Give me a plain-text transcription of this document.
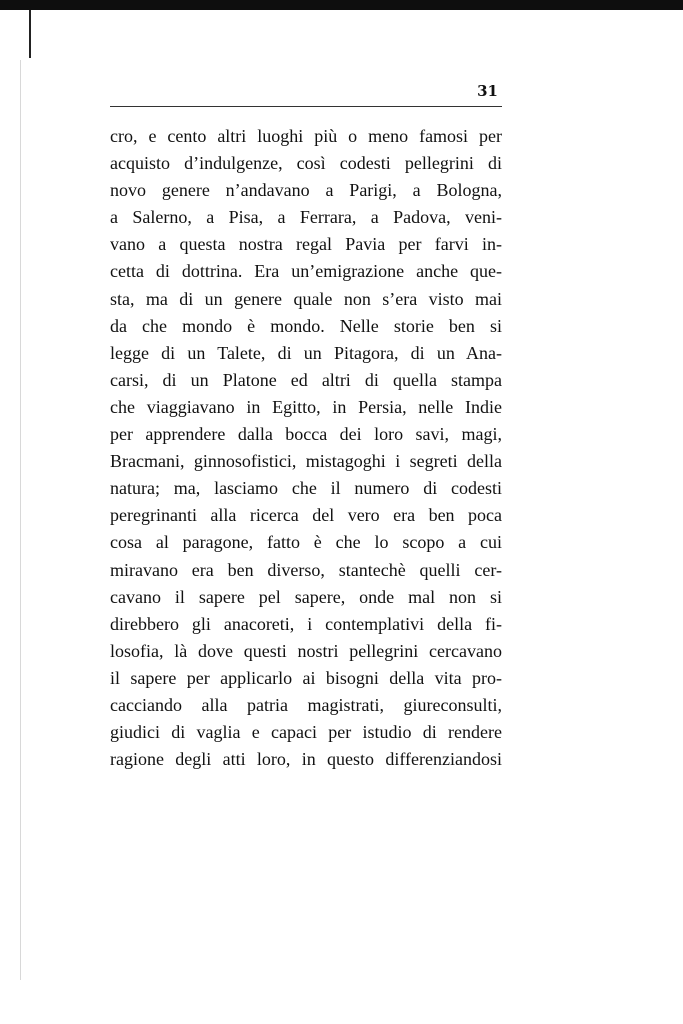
31
cro, e cento altri luoghi più o meno famosi per
acquisto d’indulgenze, così codesti pellegrini di
novo genere n’andavano a Parigi, a Bologna,
a Salerno, a Pisa, a Ferrara, a Padova, veni-
vano a questa nostra regal Pavia per farvi in-
cetta di dottrina. Era un’emigrazione anche que-
sta, ma di un genere quale non s’era visto mai
da che mondo è mondo. Nelle storie ben si
legge di un Talete, di un Pitagora, di un Ana-
carsi, di un Platone ed altri di quella stampa
che viaggiavano in Egitto, in Persia, nelle Indie
per apprendere dalla bocca dei loro savi, magi,
Bracmani, ginnosofistici, mistagoghi i segreti della
natura; ma, lasciamo che il numero di codesti
peregrinanti alla ricerca del vero era ben poca
cosa al paragone, fatto è che lo scopo a cui
miravano era ben diverso, stantechè quelli cer-
cavano il sapere pel sapere, onde mal non si
direbbero gli anacoreti, i contemplativi della fi-
losofia, là dove questi nostri pellegrini cercavano
il sapere per applicarlo ai bisogni della vita pro-
cacciando alla patria magistrati, giureconsulti,
giudici di vaglia e capaci per istudio di rendere
ragione degli atti loro, in questo differenziandosi
